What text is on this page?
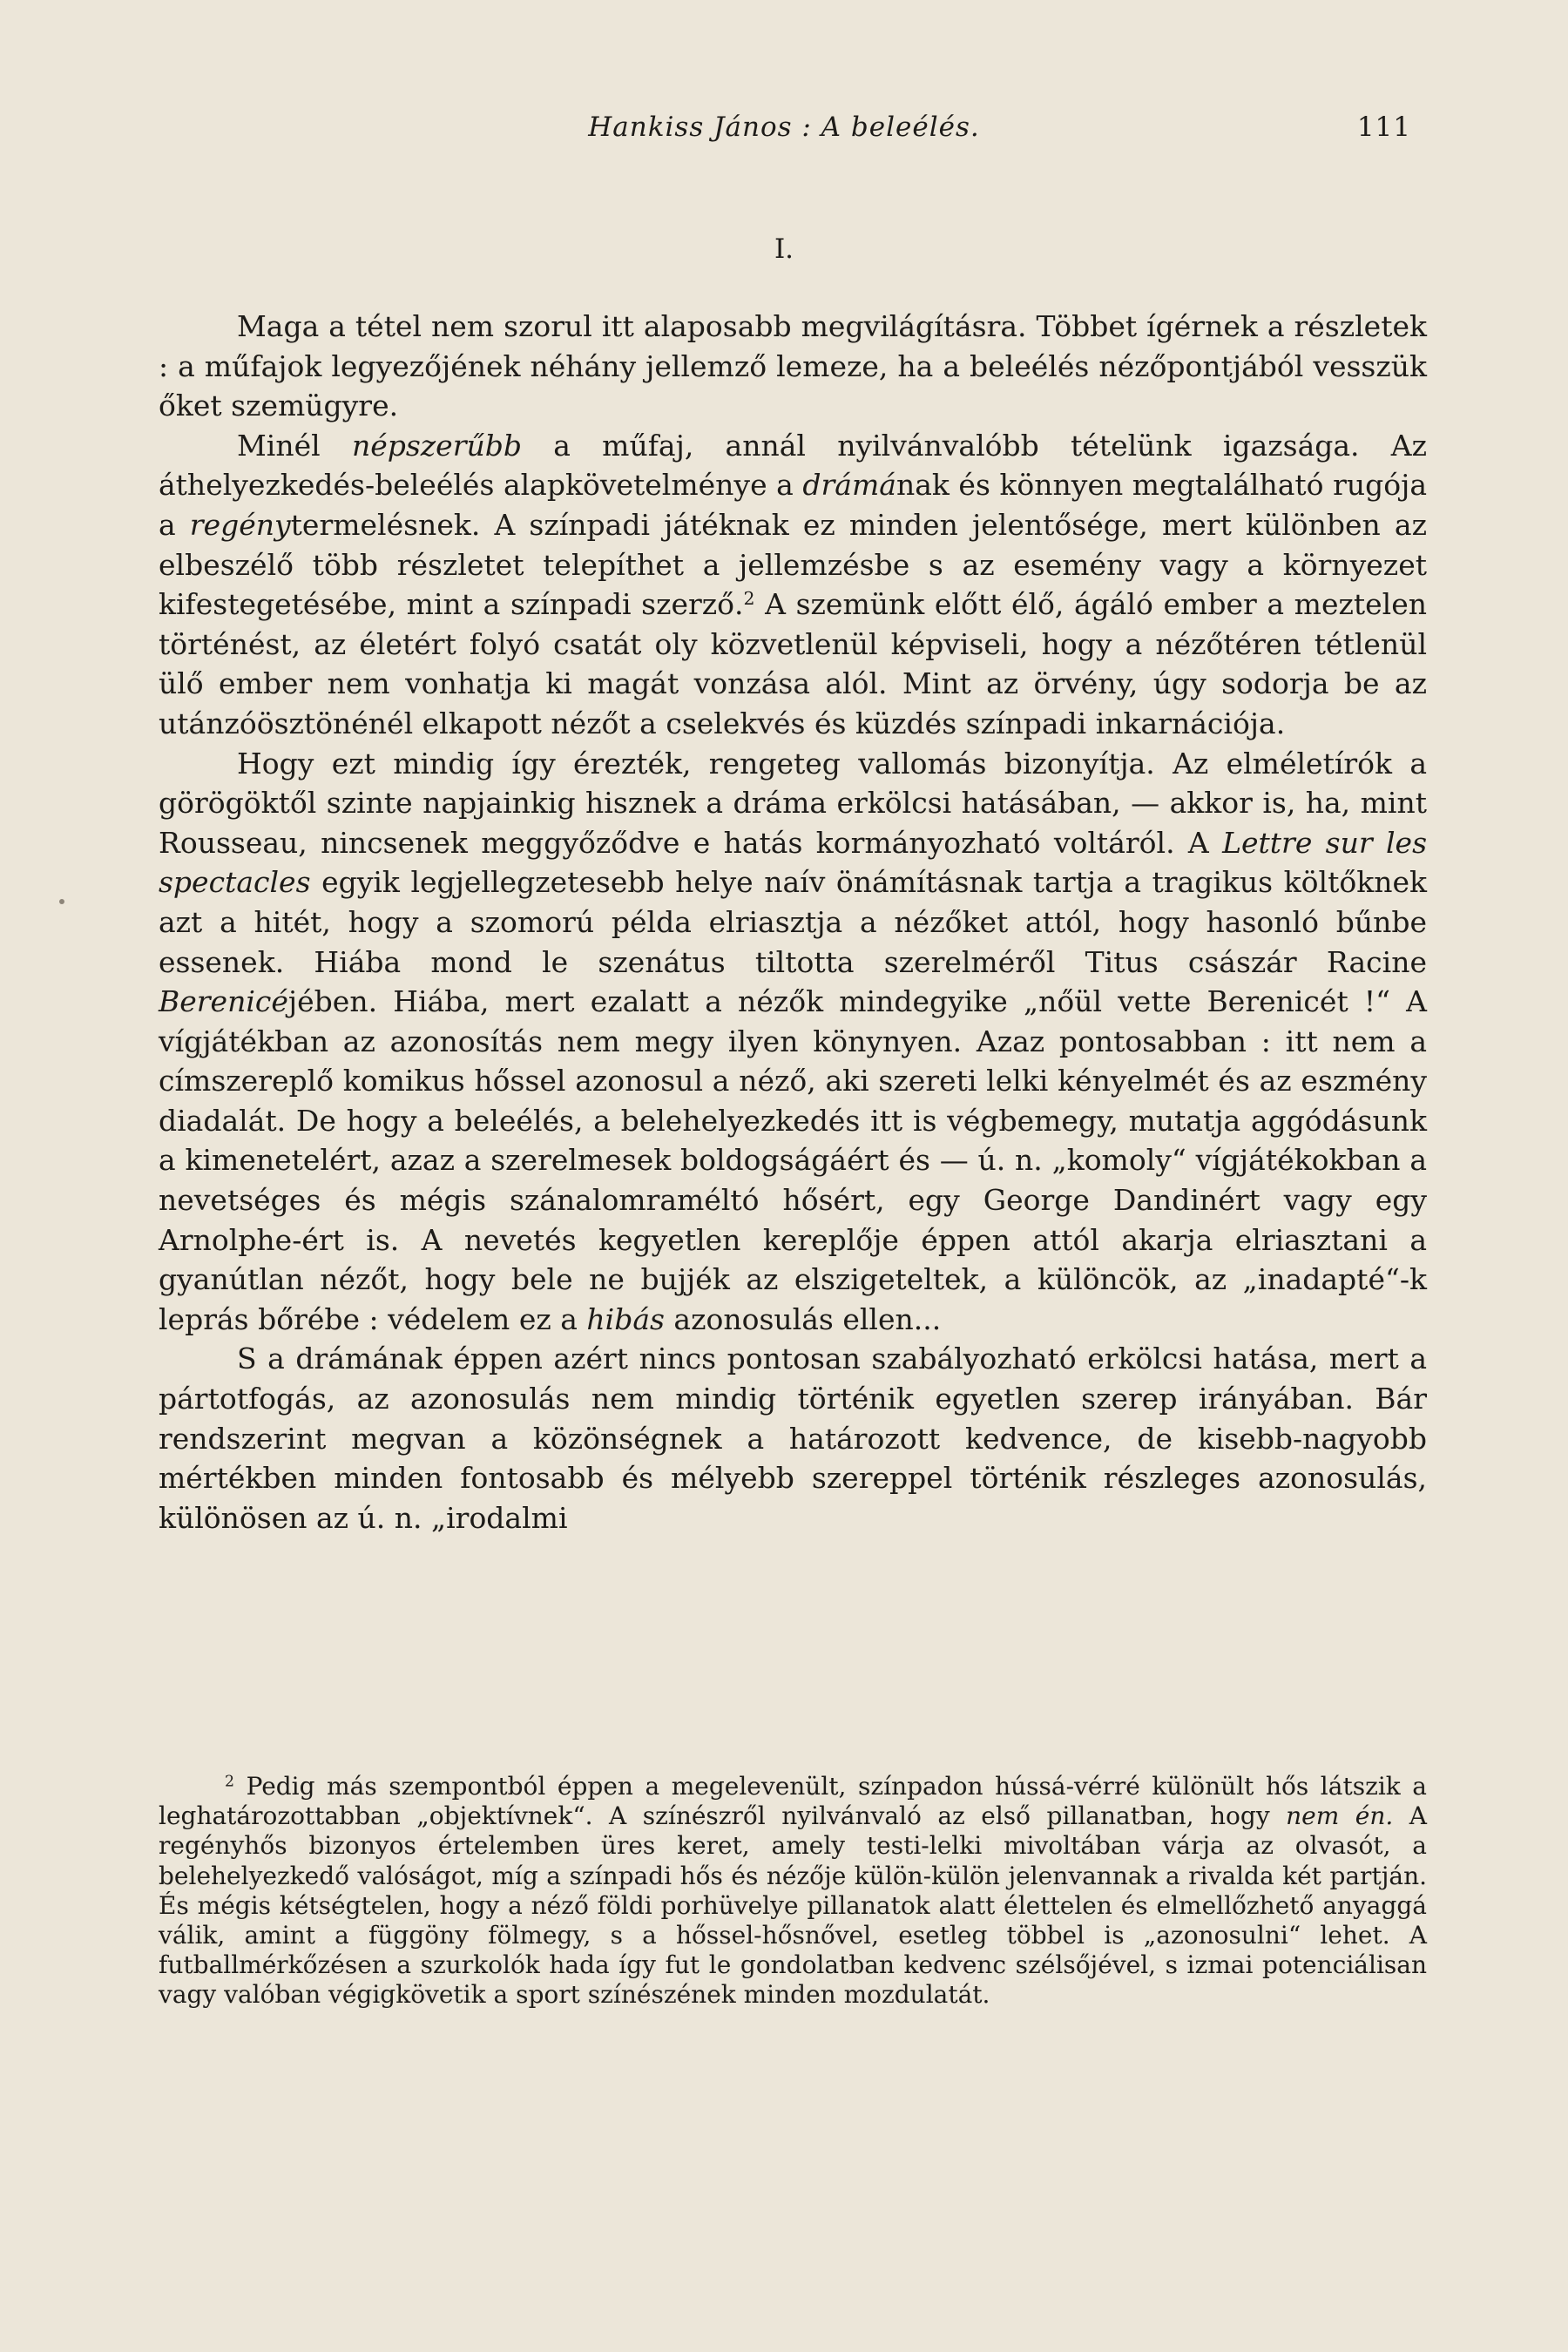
Hankiss János : A beleélés.	111
I.

Maga a tétel nem szorul itt alaposabb megvilágításra. Többet ígérnek a részletek : a műfajok legyezőjének néhány jellemző lemeze, ha a beleélés nézőpontjából vesszük őket szemügyre.

Minél népszerűbb a műfaj, annál nyilvánvalóbb tételünk igazsága. Az áthelyezkedés-beleélés alapkövetelménye a drámának és könnyen megtalálható rugója a regénytermelésnek. A színpadi játéknak ez minden jelentősége, mert különben az elbeszélő több részletet telepíthet a jellemzésbe s az esemény vagy a környezet kifestegetésébe, mint a színpadi szerző.$^2$ A szemünk előtt élő, ágáló ember a meztelen történést, az életért folyó csatát oly közvetlenül képviseli, hogy a nézőtéren tétlenül ülő ember nem vonhatja ki magát vonzása alól. Mint az örvény, úgy sodorja be az utánzóösztönénél elkapott nézőt a cselekvés és küzdés színpadi inkarnációja.

Hogy ezt mindig így érezték, rengeteg vallomás bizonyítja. Az elméletírók a görögöktől szinte napjainkig hisznek a dráma erkölcsi hatásában, — akkor is, ha, mint Rousseau, nincsenek meggyőződve e hatás kormányozható voltáról. A Lettre sur les spectacles egyik legjellegzetesebb helye naív önámításnak tartja a tragikus költőknek azt a hitét, hogy a szomorú példa elriasztja a nézőket attól, hogy hasonló bűnbe essenek. Hiába mond le szenátus tiltotta szerelméről Titus császár Racine Berenicéjében. Hiába, mert ezalatt a nézők mindegyike „nőül vette Berenicét !“ A vígjátékban az azonosítás nem megy ilyen könynyen. Azaz pontosabban : itt nem a címszereplő komikus hőssel azonosul a néző, aki szereti lelki kényelmét és az eszmény diadalát. De hogy a beleélés, a belehelyezkedés itt is végbemegy, mutatja aggódásunk a kimenetelért, azaz a szerelmesek boldogságáért és — ú. n. „komoly“ vígjátékokban a nevetséges és mégis szánalomraméltó hősért, egy George Dandinért vagy egy Arnolphe-ért is. A nevetés kegyetlen kereplője éppen attól akarja elriasztani a gyanútlan nézőt, hogy bele ne bujjék az elszigeteltek, a különcök, az „inadapté“-k leprás bőrébe : védelem ez a hibás azonosulás ellen...

S a drámának éppen azért nincs pontosan szabályozható erkölcsi hatása, mert a pártotfogás, az azonosulás nem mindig történik egyetlen szerep irányában. Bár rendszerint megvan a közönségnek a határozott kedvence, de kisebb-nagyobb mértékben minden fontosabb és mélyebb szereppel történik részleges azonosulás, különösen az ú. n. „irodalmi

$^2$ Pedig más szempontból éppen a megelevenült, színpadon hússá-vérré különült hős látszik a leghatározottabban „objektívnek“. A színészről nyilvánvaló az első pillanatban, hogy nem én. A regényhős bizonyos értelemben üres keret, amely testi-lelki mivoltában várja az olvasót, a belehelyezkedő valóságot, míg a színpadi hős és nézője külön-külön jelenvannak a rivalda két partján. És mégis kétségtelen, hogy a néző földi porhüvelye pillanatok alatt élettelen és elmellőzhető anyaggá válik, amint a függöny fölmegy, s a hőssel-hősnővel, esetleg többel is „azonosulni“ lehet. A futballmérkőzésen a szurkolók hada így fut le gondolatban kedvenc szélsőjével, s izmai potenciálisan vagy valóban végigkövetik a sport színészének minden mozdulatát.
